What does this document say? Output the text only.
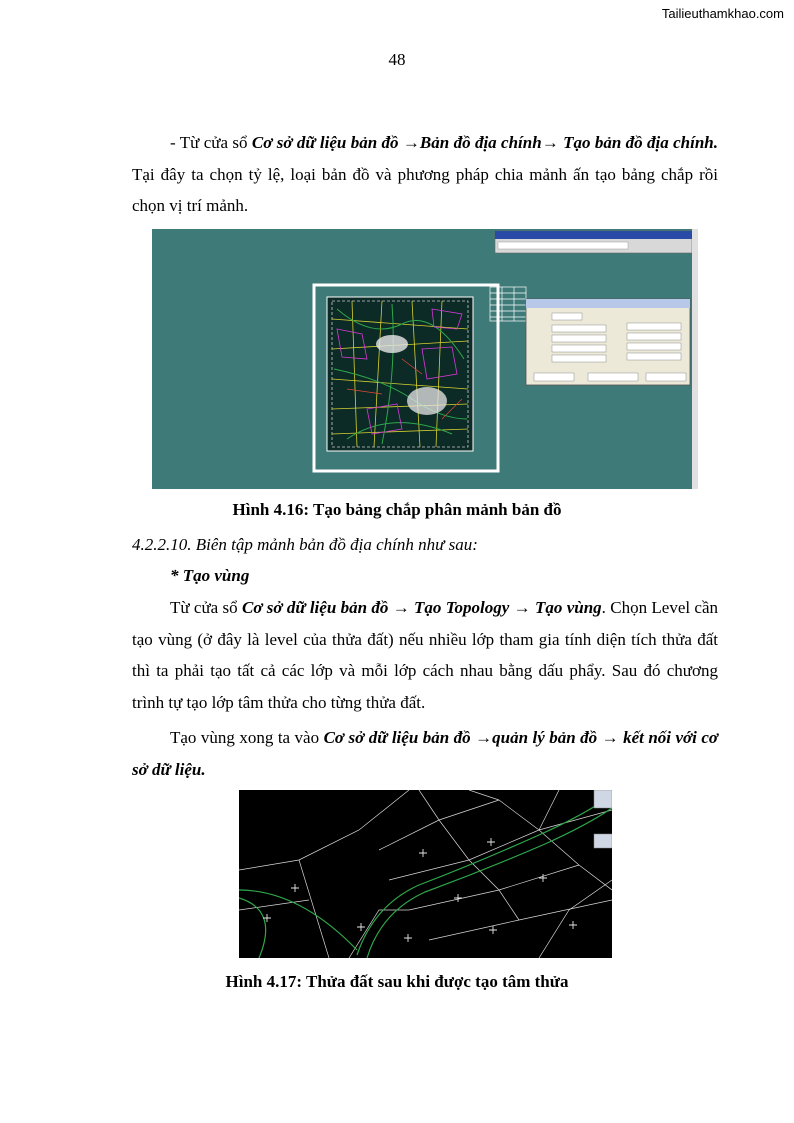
Tailieuthamkhao.com
48

- Từ cửa sổ Cơ sở dữ liệu bản đồ →Bản đồ địa chính→ Tạo bản đồ địa chính. Tại đây ta chọn tỷ lệ, loại bản đồ và phương pháp chia mảnh ấn tạo bảng chắp rồi chọn vị trí mảnh.

Hình 4.16: Tạo bảng chắp phân mảnh bản đồ
4.2.2.10. Biên tập mảnh bản đồ địa chính như sau:
* Tạo vùng

Từ cửa sổ Cơ sở dữ liệu bản đồ → Tạo Topology → Tạo vùng. Chọn Level cần tạo vùng (ở đây là level của thửa đất) nếu nhiều lớp tham gia tính diện tích thửa đất thì ta phải tạo tất cả các lớp và mỗi lớp cách nhau bằng dấu phẩy. Sau đó chương trình tự tạo lớp tâm thửa cho từng thửa đất.

Tạo vùng xong ta vào Cơ sở dữ liệu bản đồ →quản lý bản đồ → kết nối với cơ sở dữ liệu.

Hình 4.17: Thửa đất sau khi được tạo tâm thửa
